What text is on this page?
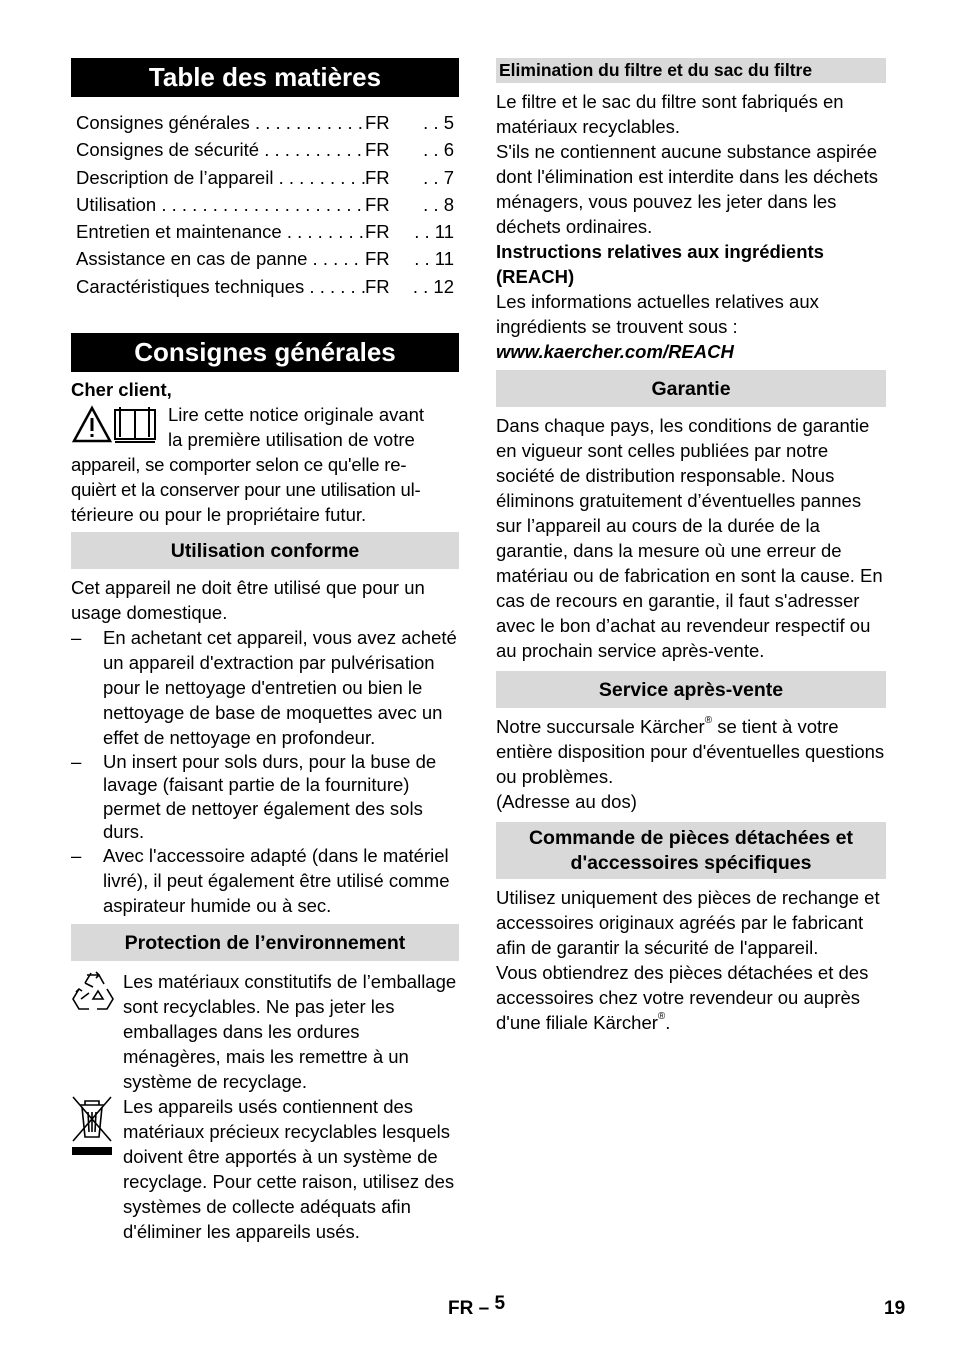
Table des matières
Consignes générales . . .	FR	. . 5
Consignes de sécurité . . .	FR	. . 6
Description de l’appareil . . .	FR	. . 7
Utilisation . . .	FR	. . 8
Entretien et maintenance . . .	FR	. . 11
Assistance en cas de panne . . .	FR	. . 11
Caractéristiques techniques . . .	FR	. . 12
Consignes générales

Cher client,

Lire cette notice originale avant

la première utilisation de votre

appareil, se comporter selon ce qu'elle re-

quièrt et la conserver pour une utilisation ul-

térieure ou pour le propriétaire futur.

Utilisation conforme

Cet appareil ne doit être utilisé que pour un usage domestique.

– En achetant cet appareil, vous avez acheté un appareil d'extraction par pulvérisation pour le nettoyage d'entretien ou bien le nettoyage de base de moquettes avec un effet de nettoyage en profondeur.
– Un insert pour sols durs, pour la buse de lavage (faisant partie de la fourniture) permet de nettoyer également des sols durs.
– Avec l'accessoire adapté (dans le matériel livré), il peut également être utilisé comme aspirateur humide ou à sec.
Protection de l’environnement

Les matériaux constitutifs de l’emballage sont recyclables. Ne pas jeter les emballages dans les ordures ménagères, mais les remettre à un système de recyclage.

Les appareils usés contiennent des matériaux précieux recyclables lesquels doivent être apportés à un système de recyclage. Pour cette raison, utilisez des systèmes de collecte adéquats afin d'éliminer les appareils usés.

Elimination du filtre et du sac du filtre

Le filtre et le sac du filtre sont fabriqués en matériaux recyclables.

S'ils ne contiennent aucune substance aspirée dont l'élimination est interdite dans les déchets ménagers, vous pouvez les jeter dans les déchets ordinaires.

Instructions relatives aux ingrédients (REACH)

Les informations actuelles relatives aux ingrédients se trouvent sous :

www.kaercher.com/REACH

Garantie

Dans chaque pays, les conditions de garantie en vigueur sont celles publiées par notre société de distribution responsable. Nous éliminons gratuitement d’éventuelles pannes sur l’appareil au cours de la durée de la garantie, dans la mesure où une erreur de matériau ou de fabrication en sont la cause. En cas de recours en garantie, il faut s'adresser avec le bon d’achat au revendeur respectif ou au prochain service après-vente.

Service après-vente

Notre succursale Kärcher® se tient à votre entière disposition pour d'éventuelles questions ou problèmes.

(Adresse au dos)

Commande de pièces détachées et d'accessoires spécifiques

Utilisez uniquement des pièces de rechange et accessoires originaux agréés par le fabricant afin de garantir la sécurité de l'appareil.

Vous obtiendrez des pièces détachées et des accessoires chez votre revendeur ou auprès d'une filiale Kärcher®.

FR – 5	19
